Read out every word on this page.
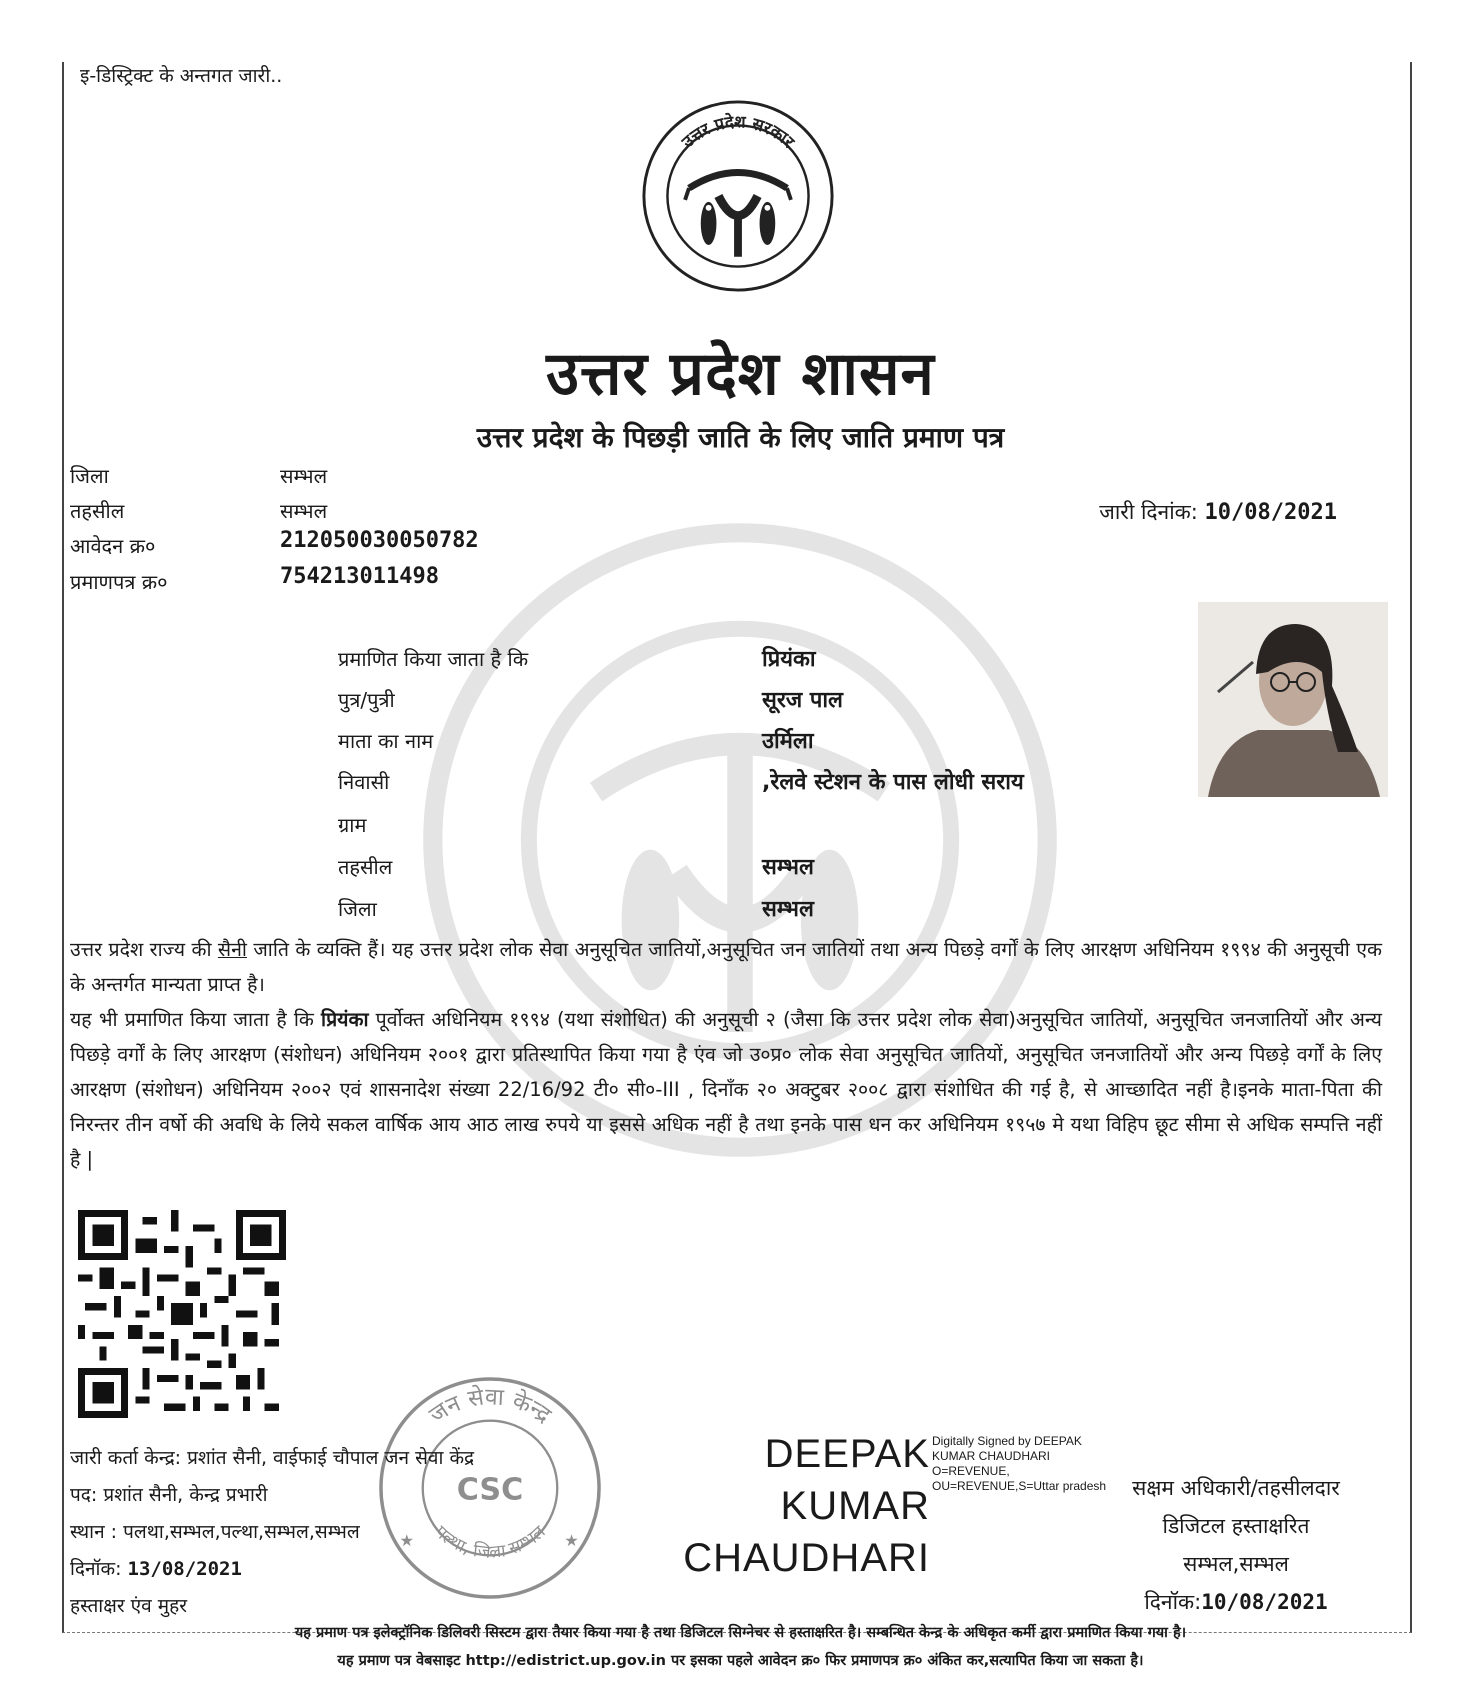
इ-डिस्ट्रिक्ट के अन्तगत जारी..
उत्तर प्रदेश सरकार
उत्तर प्रदेश शासन
उत्तर प्रदेश के पिछड़ी जाति के लिए जाति प्रमाण पत्र
जिला	सम्भल
तहसील	सम्भल
आवेदन क्र०	212050030050782
प्रमाणपत्र क्र०	754213011498
जारी दिनांक: 10/08/2021
प्रमाणित किया जाता है कि	प्रियंका
पुत्र/पुत्री	सूरज पाल
माता का नाम	उर्मिला
निवासी	,रेलवे स्टेशन के पास लोधी सराय
ग्राम
तहसील	सम्भल
जिला	सम्भल
उत्तर प्रदेश राज्य की सैनी जाति के व्यक्ति हैं। यह उत्तर प्रदेश लोक सेवा अनुसूचित जातियों,अनुसूचित जन जातियों तथा अन्य पिछड़े वर्गों के लिए आरक्षण अधिनियम १९९४ की अनुसूची एक के अन्तर्गत मान्यता प्राप्त है।
यह भी प्रमाणित किया जाता है कि प्रियंका पूर्वोक्त अधिनियम १९९४ (यथा संशोधित) की अनुसूची २ (जैसा कि उत्तर प्रदेश लोक सेवा)अनुसूचित जातियों, अनुसूचित जनजातियों और अन्य पिछड़े वर्गों के लिए आरक्षण (संशोधन) अधिनियम २००१ द्वारा प्रतिस्थापित किया गया है एंव जो उ०प्र० लोक सेवा अनुसूचित जातियों, अनुसूचित जनजातियों और अन्य पिछड़े वर्गों के लिए आरक्षण (संशोधन) अधिनियम २००२ एवं शासनादेश संख्या 22/16/92 टी० सी०-III , दिनाँक २० अक्टुबर २००८ द्वारा संशोधित की गई है, से आच्छादित नहीं है।इनके माता-पिता की निरन्तर तीन वर्षो की अवधि के लिये सकल वार्षिक आय आठ लाख रुपये या इससे अधिक नहीं है तथा इनके पास धन कर अधिनियम १९५७ मे यथा विहिप छूट सीमा से अधिक सम्पत्ति नहीं है |
जन सेवा केन्द्र
पल्था, जिला सम्भल
CSC
★	★
जारी कर्ता केन्द्र: प्रशांत सैनी, वाईफाई चौपाल जन सेवा केंद्र
पद: प्रशांत सैनी, केन्द्र प्रभारी
स्थान : पलथा,सम्भल,पल्था,सम्भल,सम्भल
दिनॉक: 13/08/2021
हस्ताक्षर एंव मुहर
DEEPAK
KUMAR
CHAUDHARI
Digitally Signed by DEEPAK KUMAR CHAUDHARI O=REVENUE, OU=REVENUE,S=Uttar pradesh	सक्षम अधिकारी/तहसीलदार
डिजिटल हस्ताक्षरित
सम्भल,सम्भल
दिनॉक:10/08/2021
यह प्रमाण पत्र इलेक्ट्रॉनिक डिलिवरी सिस्टम द्वारा तैयार किया गया है तथा डिजिटल सिग्नेचर से हस्ताक्षरित है। सम्बन्धित केन्द्र के अधिकृत कर्मी द्वारा प्रमाणित किया गया है।
यह प्रमाण पत्र वेबसाइट http://edistrict.up.gov.in पर इसका पहले आवेदन क्र० फिर प्रमाणपत्र क्र० अंकित कर,सत्यापित किया जा सकता है।
